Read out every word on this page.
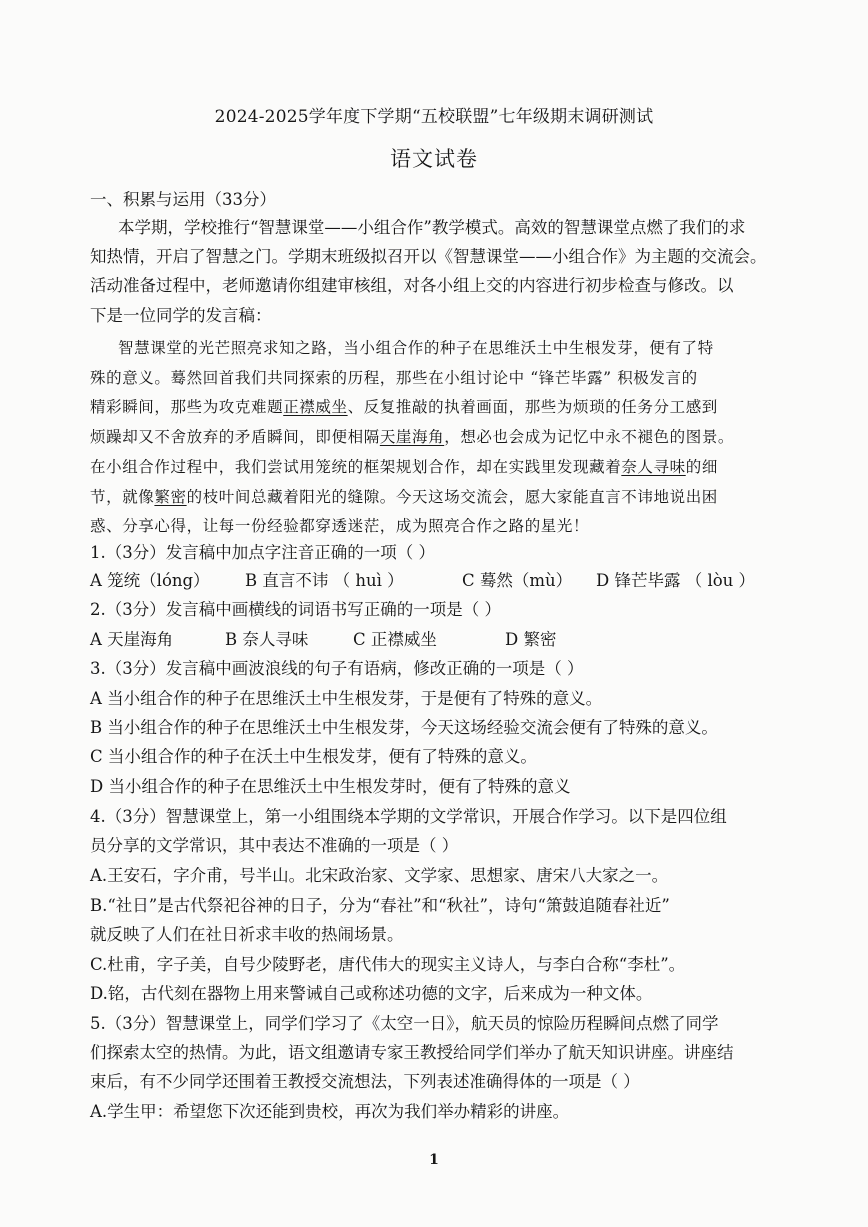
2024-2025学年度下学期“五校联盟”七年级期末调研测试
语文试卷
一、积累与运用（33分）
本学期，学校推行“智慧课堂——小组合作”教学模式。高效的智慧课堂点燃了我们的求
知热情，开启了智慧之门。学期末班级拟召开以《智慧课堂——小组合作》为主题的交流会。
活动准备过程中，老师邀请你组建审核组，对各小组上交的内容进行初步检查与修改。以
下是一位同学的发言稿：
智慧课堂的光芒照亮求知之路，当小组合作的种子在思维沃土中生根发芽，便有了特
殊的意义。蓦然回首我们共同探索的历程，那些在小组讨论中 “锋芒毕露” 积极发言的
精彩瞬间，那些为攻克难题正襟威坐、反复推敲的执着画面，那些为烦琐的任务分工感到
烦躁却又不舍放弃的矛盾瞬间，即便相隔天崖海角，想必也会成为记忆中永不褪色的图景。
在小组合作过程中，我们尝试用笼统的框架规划合作，却在实践里发现藏着奈人寻味的细
节，就像繁密的枝叶间总藏着阳光的缝隙。今天这场交流会，愿大家能直言不讳地说出困
惑、分享心得，让每一份经验都穿透迷茫，成为照亮合作之路的星光！
1.（3分）发言稿中加点字注音正确的一项（ ）
A 笼统（lóng） B 直言不讳 （ huì ）	C 蓦然（mù） D 锋芒毕露 （ lòu ）
2.（3分）发言稿中画横线的词语书写正确的一项是（ ）
A 天崖海角	B 奈人寻味	C 正襟威坐	D 繁密
3.（3分）发言稿中画波浪线的句子有语病，修改正确的一项是（ ）
A 当小组合作的种子在思维沃土中生根发芽，于是便有了特殊的意义。
B 当小组合作的种子在思维沃土中生根发芽，今天这场经验交流会便有了特殊的意义。
C 当小组合作的种子在沃土中生根发芽，便有了特殊的意义。
D 当小组合作的种子在思维沃土中生根发芽时，便有了特殊的意义
4.（3分）智慧课堂上，第一小组围绕本学期的文学常识，开展合作学习。以下是四位组
员分享的文学常识，其中表达不准确的一项是（ ）
A.王安石，字介甫，号半山。北宋政治家、文学家、思想家、唐宋八大家之一。
B.“社日”是古代祭祀谷神的日子，分为“春社”和“秋社”，诗句“箫鼓追随春社近”
就反映了人们在社日祈求丰收的热闹场景。
C.杜甫，字子美，自号少陵野老，唐代伟大的现实主义诗人，与李白合称“李杜”。
D.铭，古代刻在器物上用来警诫自己或称述功德的文字，后来成为一种文体。
5.（3分）智慧课堂上，同学们学习了《太空一日》，航天员的惊险历程瞬间点燃了同学
们探索太空的热情。为此，语文组邀请专家王教授给同学们举办了航天知识讲座。讲座结
束后，有不少同学还围着王教授交流想法，下列表述准确得体的一项是（ ）
A.学生甲：希望您下次还能到贵校，再次为我们举办精彩的讲座。
1
